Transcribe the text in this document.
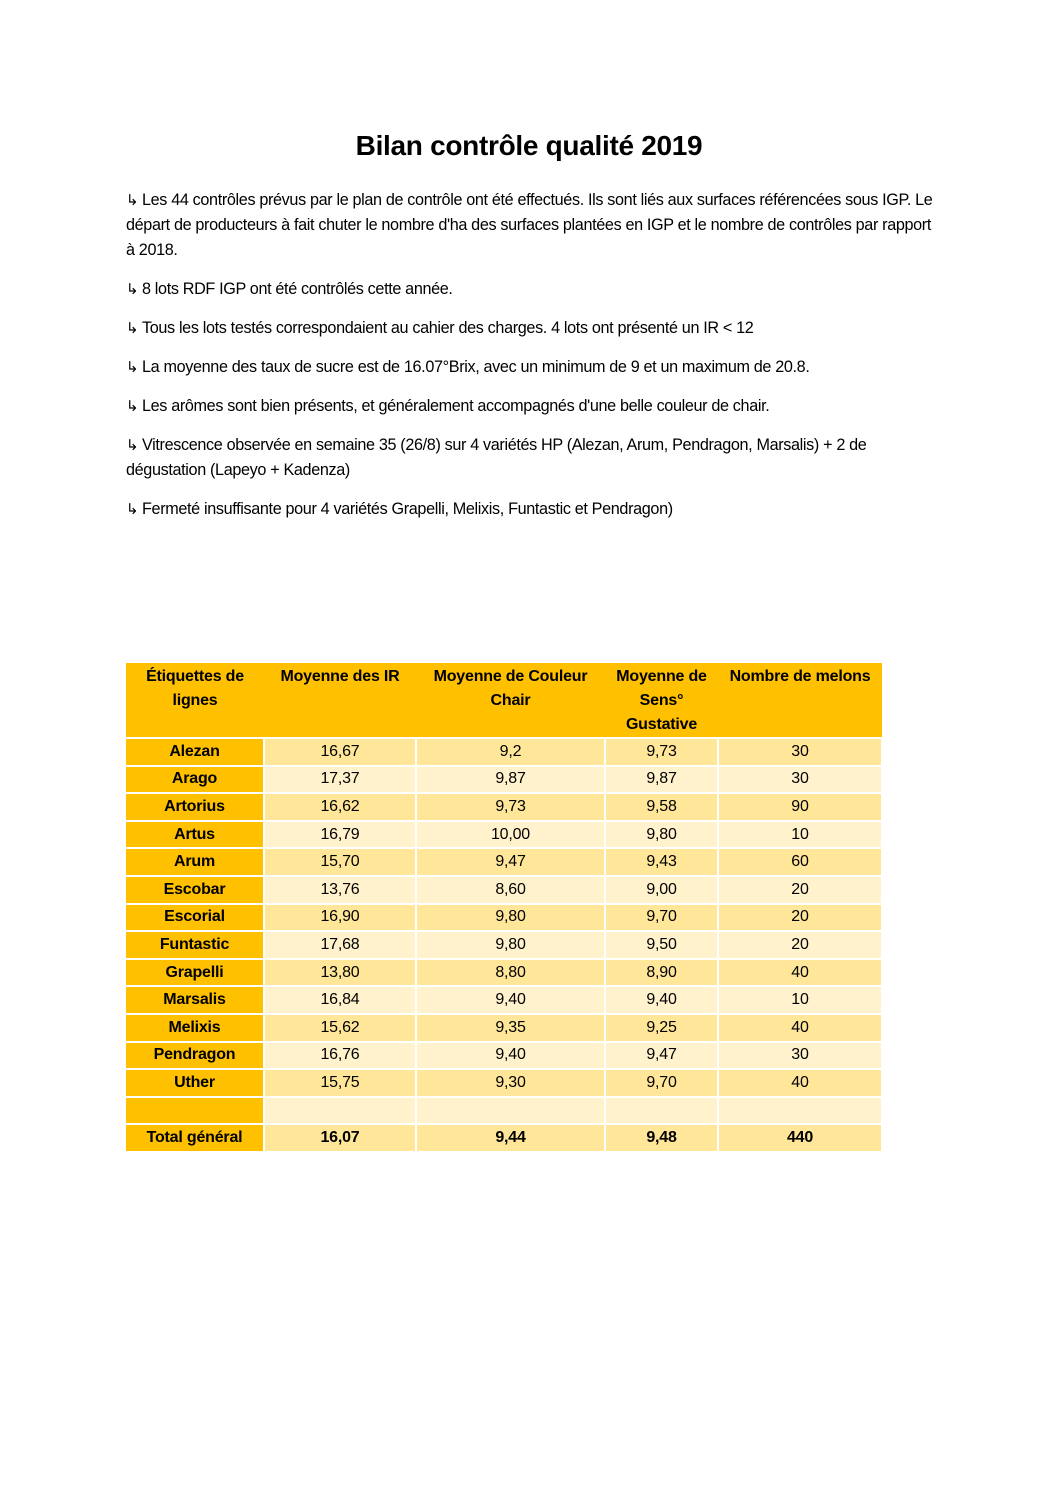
Bilan contrôle qualité 2019

↳ Les 44 contrôles prévus par le plan de contrôle ont été effectués. Ils sont liés aux surfaces référencées sous IGP. Le départ de producteurs à fait chuter le nombre d'ha des surfaces plantées en IGP et le nombre de contrôles par rapport à 2018.

↳ 8 lots RDF IGP ont été contrôlés cette année.

↳ Tous les lots testés correspondaient au cahier des charges. 4 lots ont présenté un IR < 12

↳ La moyenne des taux de sucre est de 16.07°Brix, avec un minimum de 9 et un maximum de 20.8.

↳ Les arômes sont bien présents, et généralement accompagnés d'une belle couleur de chair.

↳ Vitrescence observée en semaine 35 (26/8) sur 4 variétés HP (Alezan, Arum, Pendragon, Marsalis) + 2 de dégustation (Lapeyo + Kadenza)

↳ Fermeté insuffisante pour 4 variétés Grapelli, Melixis, Funtastic et Pendragon)

Étiquettes de lignes	Moyenne des IR	Moyenne de Couleur Chair	Moyenne de Sens° Gustative	Nombre de melons
Alezan	16,67	9,2	9,73	30
Arago	17,37	9,87	9,87	30
Artorius	16,62	9,73	9,58	90
Artus	16,79	10,00	9,80	10
Arum	15,70	9,47	9,43	60
Escobar	13,76	8,60	9,00	20
Escorial	16,90	9,80	9,70	20
Funtastic	17,68	9,80	9,50	20
Grapelli	13,80	8,80	8,90	40
Marsalis	16,84	9,40	9,40	10
Melixis	15,62	9,35	9,25	40
Pendragon	16,76	9,40	9,47	30
Uther	15,75	9,30	9,70	40

Total général	16,07	9,44	9,48	440
